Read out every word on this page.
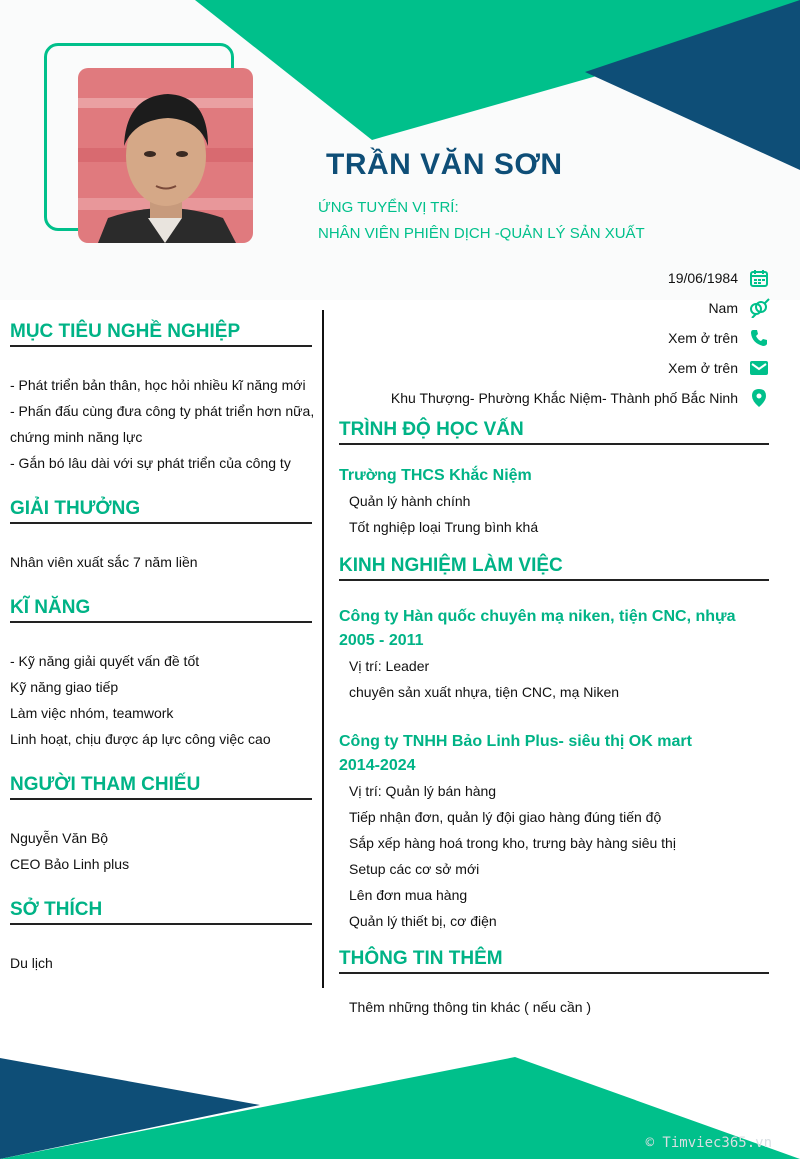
TRẦN VĂN SƠN
ỨNG TUYỂN VỊ TRÍ:
NHÂN VIÊN PHIÊN DỊCH -QUẢN LÝ SẢN XUẤT
19/06/1984
Nam
Xem ở trên
Xem ở trên
Khu Thượng- Phường Khắc Niệm- Thành phố Bắc Ninh
MỤC TIÊU NGHỀ NGHIỆP
- Phát triển bản thân, học hỏi nhiều kĩ năng mới
- Phấn đấu cùng đưa công ty phát triển hơn nữa,
chứng minh năng lực
- Gắn bó lâu dài với sự phát triển của công ty
GIẢI THƯỞNG
Nhân viên xuất sắc 7 năm liền
KĨ NĂNG
- Kỹ năng giải quyết vấn đề tốt
Kỹ năng giao tiếp
Làm việc nhóm, teamwork
Linh hoạt, chịu được áp lực công việc cao
NGƯỜI THAM CHIẾU
Nguyễn Văn Bộ
CEO Bảo Linh plus
SỞ THÍCH
Du lịch
TRÌNH ĐỘ HỌC VẤN
Trường THCS Khắc Niệm
Quản lý hành chính
Tốt nghiệp loại Trung bình khá
KINH NGHIỆM LÀM VIỆC
Công ty Hàn quốc chuyên mạ niken, tiện CNC, nhựa
2005 - 2011
Vị trí: Leader
chuyên sản xuất nhựa, tiện CNC, mạ Niken
Công ty TNHH Bảo Linh Plus- siêu thị OK mart
2014-2024
Vị trí: Quản lý bán hàng
Tiếp nhận đơn, quản lý đội giao hàng đúng tiến độ
Sắp xếp hàng hoá trong kho, trưng bày hàng siêu thị
Setup các cơ sở mới
Lên đơn mua hàng
Quản lý thiết bị, cơ điện
THÔNG TIN THÊM
Thêm những thông tin khác ( nếu cần )
© Timviec365.vn
